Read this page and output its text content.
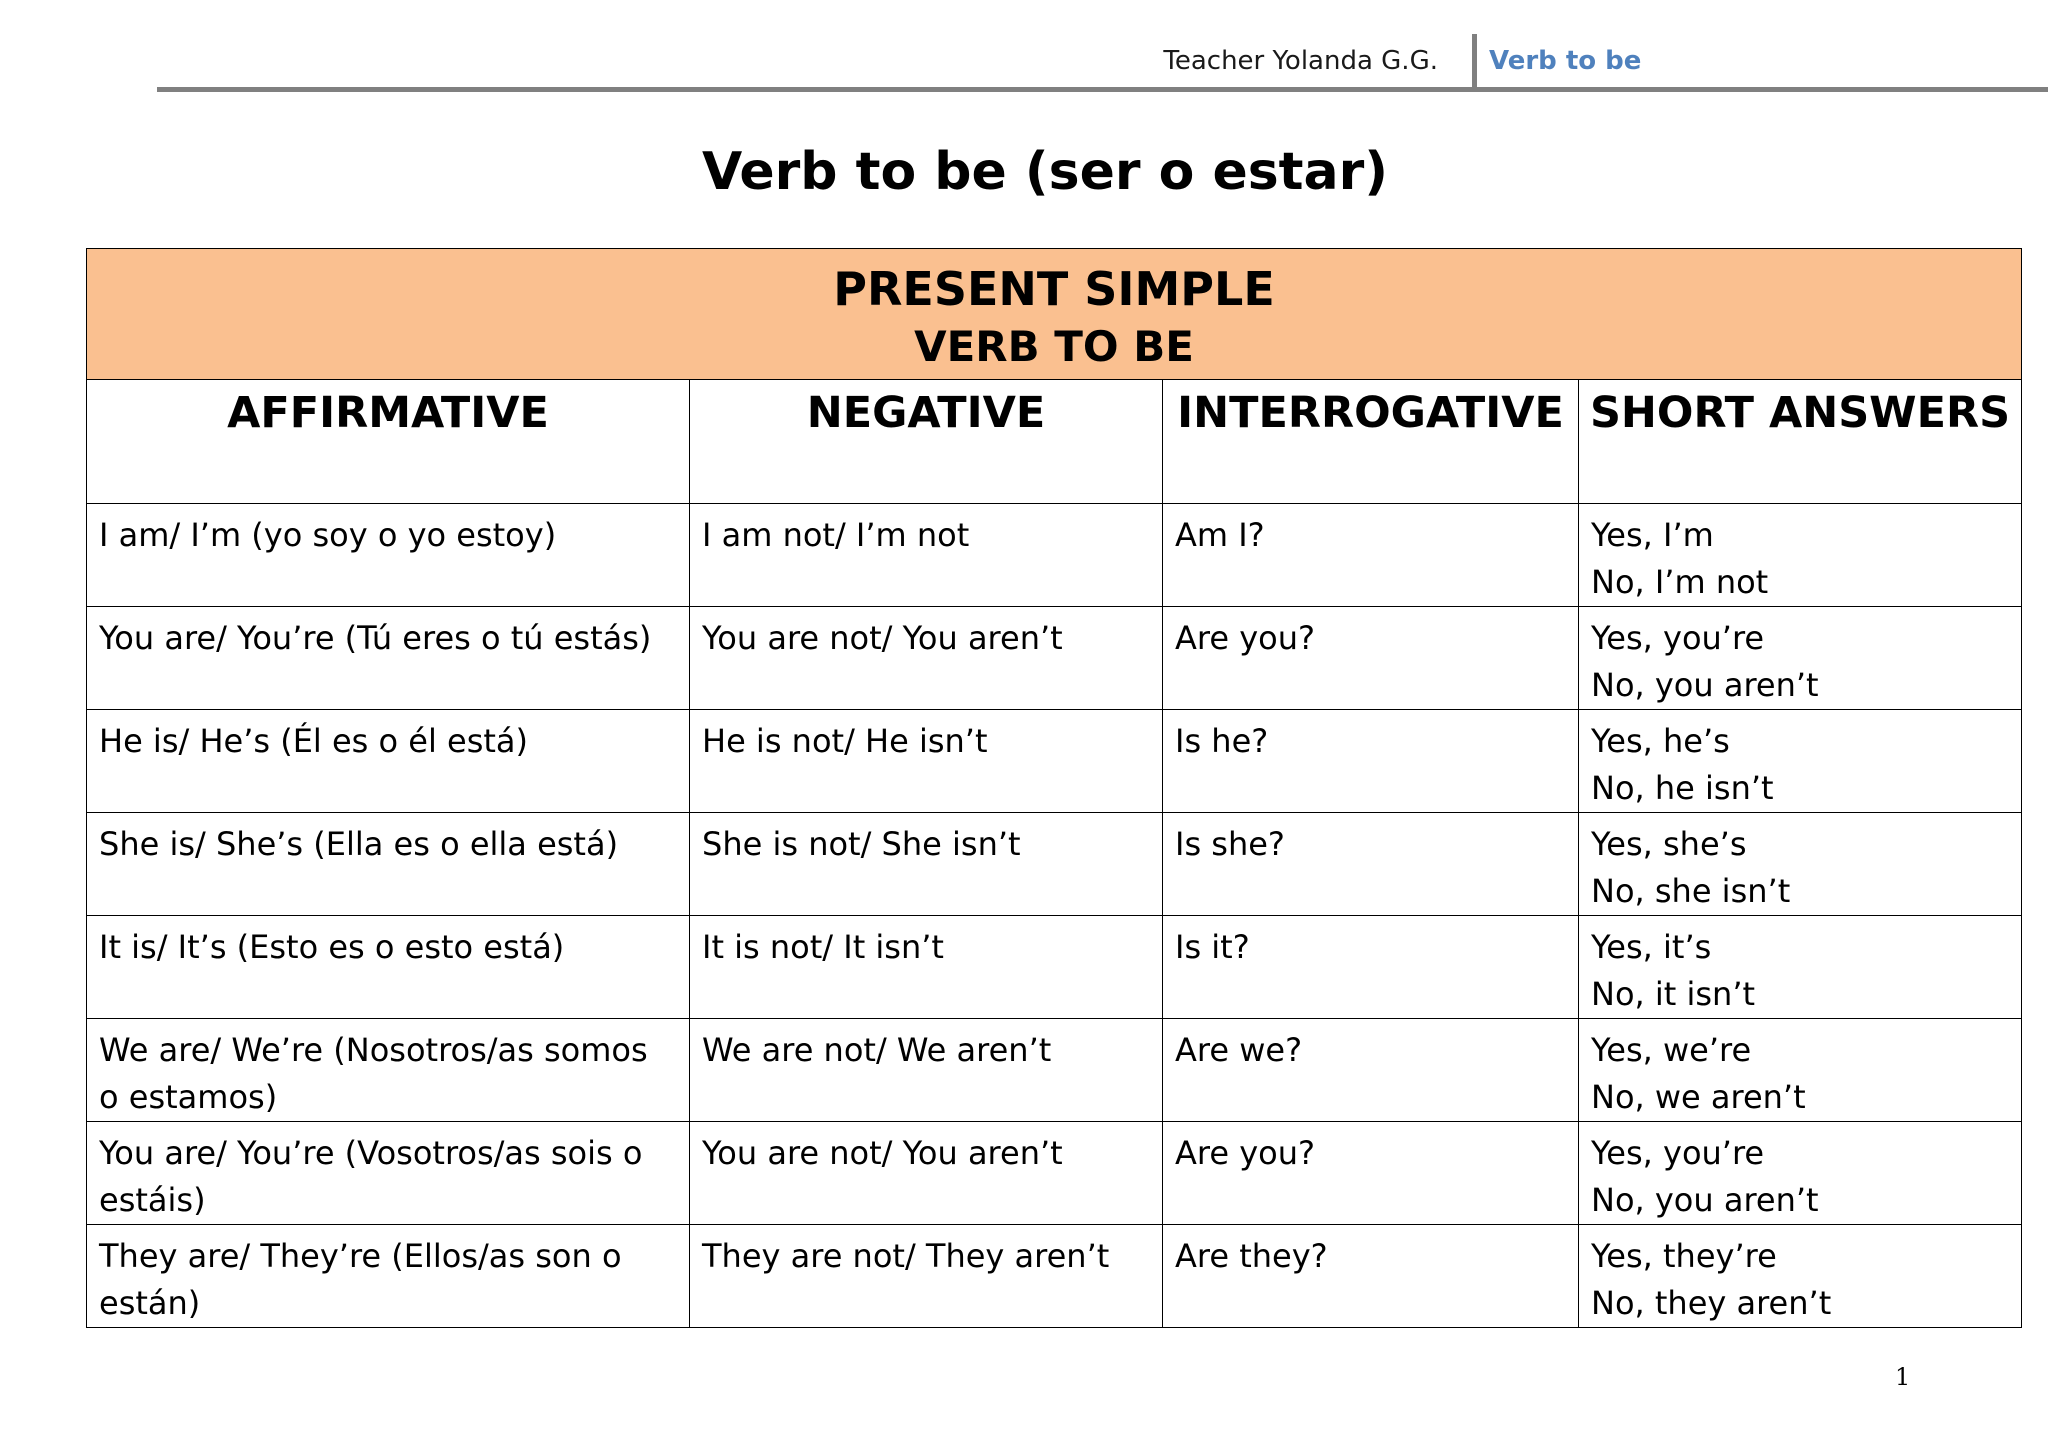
Teacher Yolanda G.G. Verb to be
Verb to be (ser o estar)
PRESENT SIMPLE
VERB TO BE			

AFFIRMATIVE	NEGATIVE	INTERROGATIVE	SHORT ANSWERS
I am/ I’m (yo soy o yo estoy)	I am not/ I’m not	Am I?	Yes, I’m
No, I’m not

You are/ You’re (Tú eres o tú estás)	You are not/ You aren’t	Are you?	Yes, you’re
No, you aren’t

He is/ He’s (Él es o él está)	He is not/ He isn’t	Is he?	Yes, he’s
No, he isn’t

She is/ She’s (Ella es o ella está)	She is not/ She isn’t	Is she?	Yes, she’s
No, she isn’t

It is/ It’s (Esto es o esto está)	It is not/ It isn’t	Is it?	Yes, it’s
No, it isn’t

We are/ We’re (Nosotros/as somos o estamos)	We are not/ We aren’t	Are we?	Yes, we’re
No, we aren’t

You are/ You’re (Vosotros/as sois o estáis)	You are not/ You aren’t	Are you?	Yes, you’re
No, you aren’t

They are/ They’re (Ellos/as son o están)	They are not/ They aren’t	Are they?	Yes, they’re
No, they aren’t
1
